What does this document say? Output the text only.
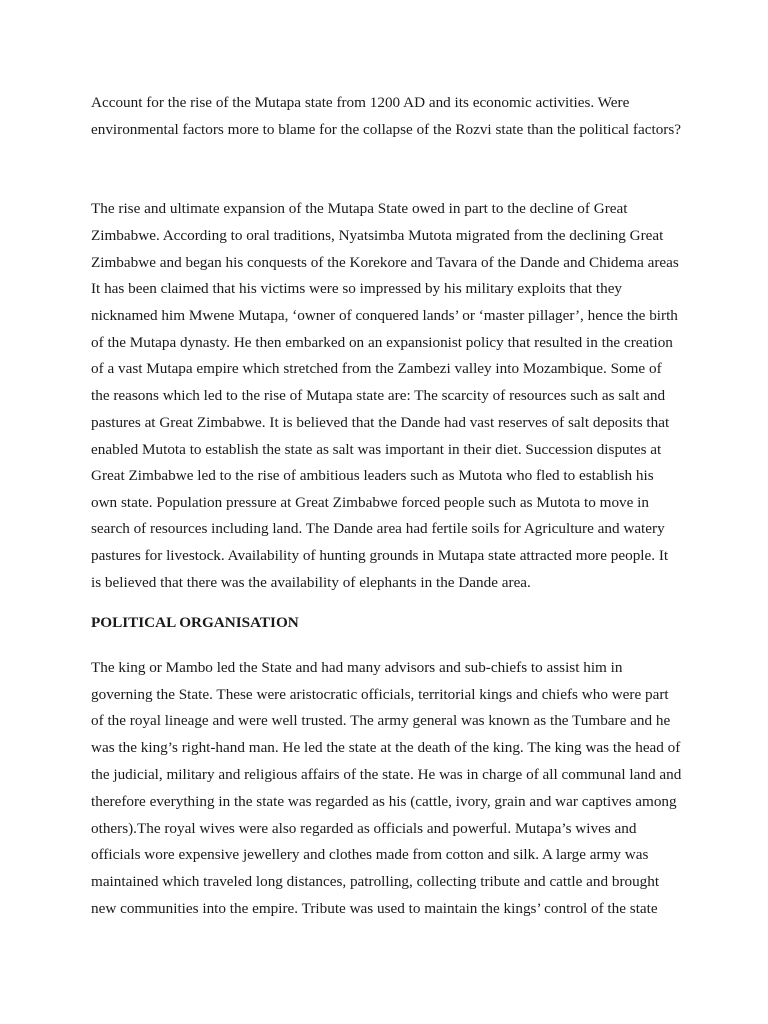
Account for the rise of the Mutapa state from 1200 AD and its economic activities. Were

environmental factors more to blame for the collapse of the Rozvi state than the political factors?

The rise and ultimate expansion of the Mutapa State owed in part to the decline of Great

Zimbabwe. According to oral traditions, Nyatsimba Mutota migrated from the declining Great

Zimbabwe and began his conquests of the Korekore and Tavara of the Dande and Chidema areas

It has been claimed that his victims were so impressed by his military exploits that they

nicknamed him Mwene Mutapa, ‘owner of conquered lands’ or ‘master pillager’, hence the birth

of the Mutapa dynasty. He then embarked on an expansionist policy that resulted in the creation

of a vast Mutapa empire which stretched from the Zambezi valley into Mozambique. Some of

the reasons which led to the rise of Mutapa state are: The scarcity of resources such as salt and

pastures at Great Zimbabwe. It is believed that the Dande had vast reserves of salt deposits that

enabled Mutota to establish the state as salt was important in their diet. Succession disputes at

Great Zimbabwe led to the rise of ambitious leaders such as Mutota who fled to establish his

own state. Population pressure at Great Zimbabwe forced people such as Mutota to move in

search of resources including land. The Dande area had fertile soils for Agriculture and watery

pastures for livestock. Availability of hunting grounds in Mutapa state attracted more people. It

is believed that there was the availability of elephants in the Dande area.

POLITICAL ORGANISATION

The king or Mambo led the State and had many advisors and sub-chiefs to assist him in

governing the State. These were aristocratic officials, territorial kings and chiefs who were part

of the royal lineage and were well trusted. The army general was known as the Tumbare and he

was the king’s right-hand man. He led the state at the death of the king. The king was the head of

the judicial, military and religious affairs of the state. He was in charge of all communal land and

therefore everything in the state was regarded as his (cattle, ivory, grain and war captives among

others).The royal wives were also regarded as officials and powerful. Mutapa’s wives and

officials wore expensive jewellery and clothes made from cotton and silk. A large army was

maintained which traveled long distances, patrolling, collecting tribute and cattle and brought

new communities into the empire. Tribute was used to maintain the kings’ control of the state
